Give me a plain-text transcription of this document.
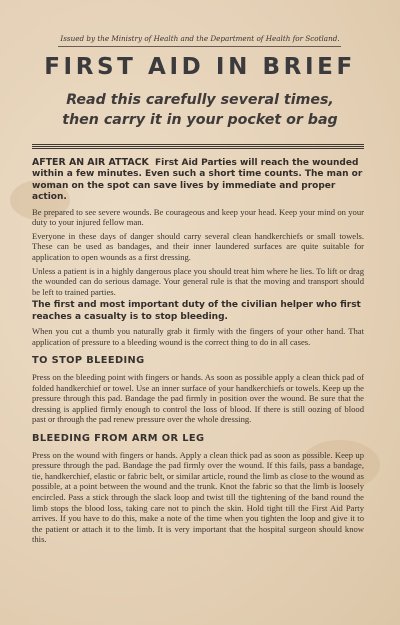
Issued by the Ministry of Health and the Department of Health for Scotland.
FIRST AID IN BRIEF
Read this carefully several times,
then carry it in your pocket or bag
AFTER AN AIR ATTACK First Aid Parties will reach the wounded within a few minutes. Even such a short time counts. The man or woman on the spot can save lives by immediate and proper action.

Be prepared to see severe wounds. Be courageous and keep your head. Keep your mind on your duty to your injured fellow man.

Everyone in these days of danger should carry several clean handkerchiefs or small towels. These can be used as bandages, and their inner laundered surfaces are quite suitable for application to open wounds as a first dressing.

Unless a patient is in a highly dangerous place you should treat him where he lies. To lift or drag the wounded can do serious damage. Your general rule is that the moving and transport should be left to trained parties.

The first and most important duty of the civilian helper who first reaches a casualty is to stop bleeding.

When you cut a thumb you naturally grab it firmly with the fingers of your other hand. That application of pressure to a bleeding wound is the correct thing to do in all cases.

TO STOP BLEEDING

Press on the bleeding point with fingers or hands. As soon as possible apply a clean thick pad of folded handkerchief or towel. Use an inner surface of your handkerchiefs or towels. Keep up the pressure through this pad. Bandage the pad firmly in position over the wound. Be sure that the dressing is applied firmly enough to control the loss of blood. If there is still oozing of blood past or through the pad renew pressure over the whole dressing.

BLEEDING FROM ARM OR LEG

Press on the wound with fingers or hands. Apply a clean thick pad as soon as possible. Keep up pressure through the pad. Bandage the pad firmly over the wound. If this fails, pass a bandage, tie, handkerchief, elastic or fabric belt, or similar article, round the limb as close to the wound as possible, at a point between the wound and the trunk. Knot the fabric so that the limb is loosely encircled. Pass a stick through the slack loop and twist till the tightening of the band round the limb stops the blood loss, taking care not to pinch the skin. Hold tight till the First Aid Party arrives. If you have to do this, make a note of the time when you tighten the loop and give it to the patient or attach it to the limb. It is very important that the hospital surgeon should know this.
